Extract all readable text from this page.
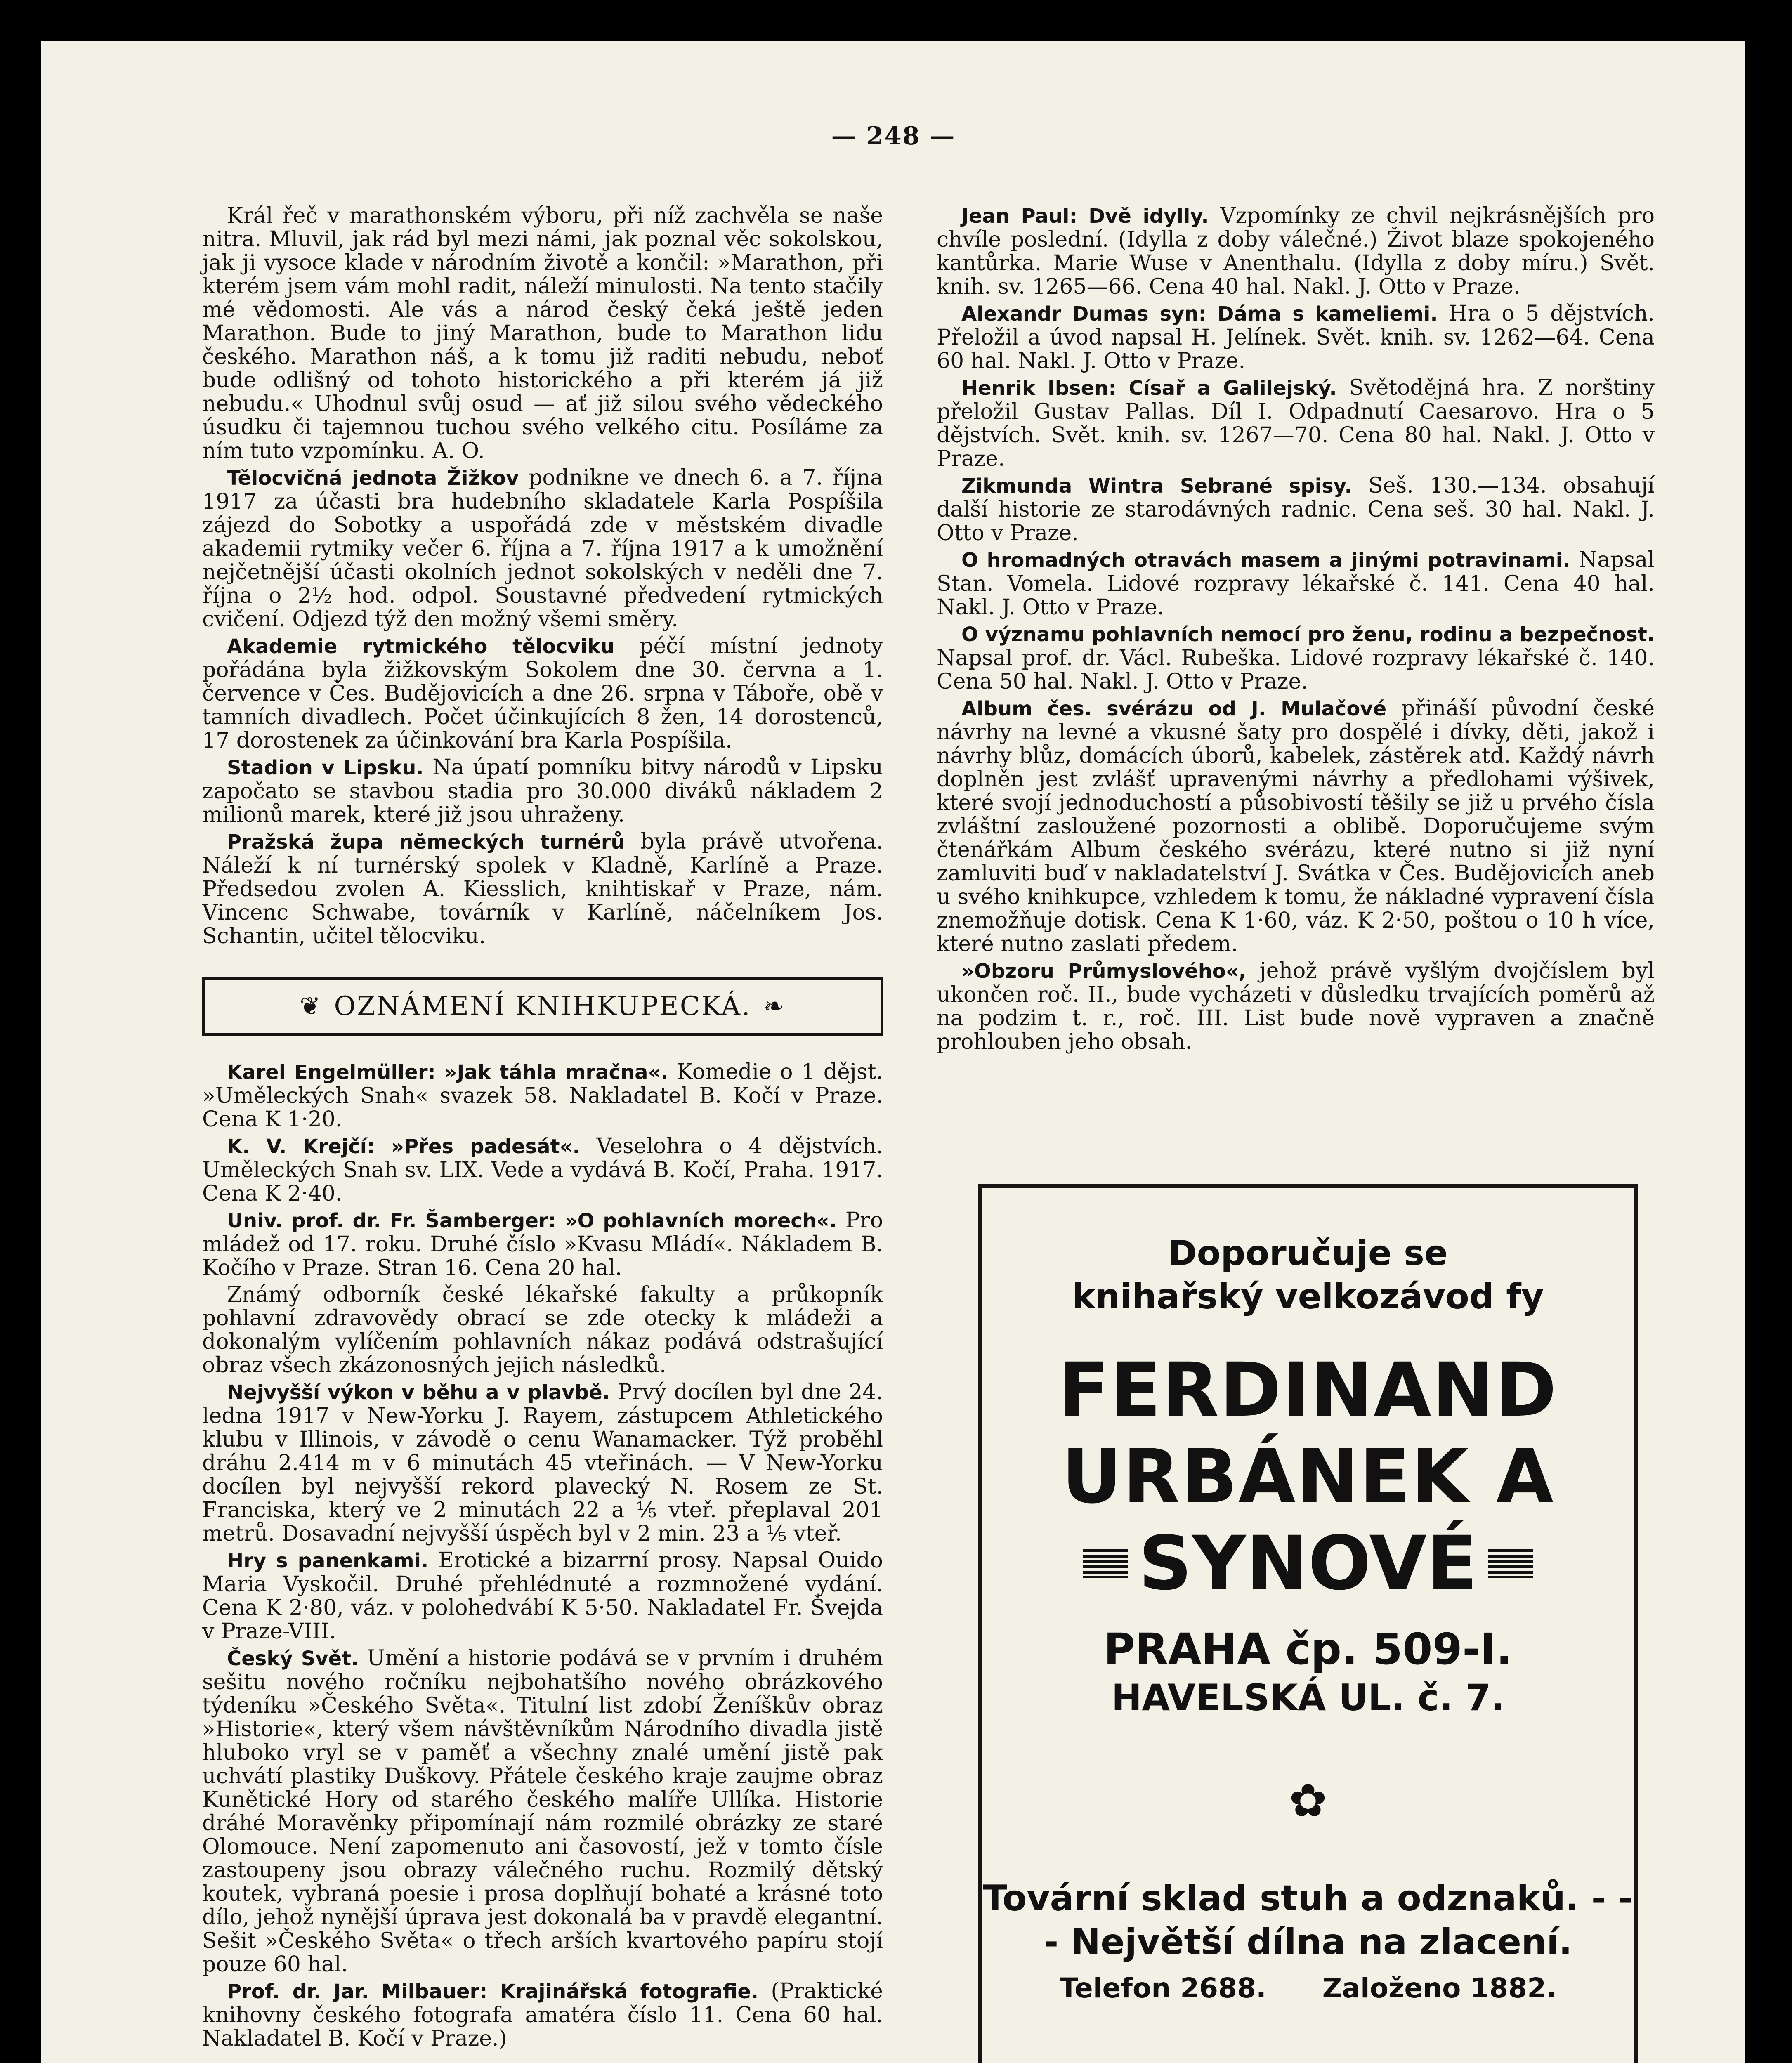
— 248 —

Král řeč v marathonském výboru, při níž zachvěla se naše nitra. Mluvil, jak rád byl mezi námi, jak poznal věc sokolskou, jak ji vysoce klade v národním životě a končil: »Marathon, při kterém jsem vám mohl radit, náleží minulosti. Na tento stačily mé vědomosti. Ale vás a národ český čeká ještě jeden Marathon. Bude to jiný Marathon, bude to Marathon lidu českého. Marathon náš, a k tomu již raditi nebudu, neboť bude odlišný od tohoto historického a při kterém já již nebudu.« Uhodnul svůj osud — ať již silou svého vědeckého úsudku či tajemnou tuchou svého velkého citu. Posíláme za ním tuto vzpomínku. A. O.

Tělocvičná jednota Žižkov podnikne ve dnech 6. a 7. října 1917 za účasti bra hudebního skladatele Karla Pospíšila zájezd do Sobotky a uspořádá zde v městském divadle akademii rytmiky večer 6. října a 7. října 1917 a k umožnění nejčetnější účasti okolních jednot sokolských v neděli dne 7. října o 2½ hod. odpol. Soustavné předvedení rytmických cvičení. Odjezd týž den možný všemi směry.

Akademie rytmického tělocviku péčí místní jednoty pořádána byla žižkovským Sokolem dne 30. června a 1. července v Čes. Budějovicích a dne 26. srpna v Táboře, obě v tamních divadlech. Počet účinkujících 8 žen, 14 dorostenců, 17 dorostenek za účinkování bra Karla Pospíšila.

Stadion v Lipsku. Na úpatí pomníku bitvy národů v Lipsku započato se stavbou stadia pro 30.000 diváků nákladem 2 milionů marek, které již jsou uhraženy.

Pražská župa německých turnérů byla právě utvořena. Náleží k ní turnérský spolek v Kladně, Karlíně a Praze. Předsedou zvolen A. Kiesslich, knihtiskař v Praze, nám. Vincenc Schwabe, továrník v Karlíně, náčelníkem Jos. Schantin, učitel tělocviku.

❦ OZNÁMENÍ KNIHKUPECKÁ. ❧

Karel Engelmüller: »Jak táhla mračna«. Komedie o 1 dějst. »Uměleckých Snah« svazek 58. Nakladatel B. Kočí v Praze. Cena K 1·20.

K. V. Krejčí: »Přes padesát«. Veselohra o 4 dějstvích. Uměleckých Snah sv. LIX. Vede a vydává B. Kočí, Praha. 1917. Cena K 2·40.

Univ. prof. dr. Fr. Šamberger: »O pohlavních morech«. Pro mládež od 17. roku. Druhé číslo »Kvasu Mládí«. Nákladem B. Kočího v Praze. Stran 16. Cena 20 hal.

Známý odborník české lékařské fakulty a průkopník pohlavní zdravovědy obrací se zde otecky k mládeži a dokonalým vylíčením pohlavních nákaz podává odstrašující obraz všech zkázonosných jejich následků.

Nejvyšší výkon v běhu a v plavbě. Prvý docílen byl dne 24. ledna 1917 v New-Yorku J. Rayem, zástupcem Athletického klubu v Illinois, v závodě o cenu Wanamacker. Týž proběhl dráhu 2.414 m v 6 minutách 45 vteřinách. — V New-Yorku docílen byl nejvyšší rekord plavecký N. Rosem ze St. Franciska, který ve 2 minutách 22 a ¹⁄₅ vteř. přeplaval 201 metrů. Dosavadní nejvyšší úspěch byl v 2 min. 23 a ¹⁄₅ vteř.

Hry s panenkami. Erotické a bizarrní prosy. Napsal Ouido Maria Vyskočil. Druhé přehlédnuté a rozmnožené vydání. Cena K 2·80, váz. v polohedvábí K 5·50. Nakladatel Fr. Švejda v Praze-VIII.

Český Svět. Umění a historie podává se v prvním i druhém sešitu nového ročníku nejbohatšího nového obrázkového týdeníku »Českého Světa«. Titulní list zdobí Ženíškův obraz »Historie«, který všem návštěvníkům Národního divadla jistě hluboko vryl se v paměť a všechny znalé umění jistě pak uchvátí plastiky Duškovy. Přátele českého kraje zaujme obraz Kunětické Hory od starého českého malíře Ullíka. Historie dráhé Moravěnky připomínají nám rozmilé obrázky ze staré Olomouce. Není zapomenuto ani časovostí, jež v tomto čísle zastoupeny jsou obrazy válečného ruchu. Rozmilý dětský koutek, vybraná poesie i prosa doplňují bohaté a krásné toto dílo, jehož nynější úprava jest dokonalá ba v pravdě elegantní. Sešit »Českého Světa« o třech arších kvartového papíru stojí pouze 60 hal.

Prof. dr. Jar. Milbauer: Krajinářská fotografie. (Praktické knihovny českého fotografa amatéra číslo 11. Cena 60 hal. Nakladatel B. Kočí v Praze.)

Jean Paul: Dvě idylly. Vzpomínky ze chvil nejkrásnějších pro chvíle poslední. (Idylla z doby válečné.) Život blaze spokojeného kantůrka. Marie Wuse v Anenthalu. (Idylla z doby míru.) Svět. knih. sv. 1265—66. Cena 40 hal. Nakl. J. Otto v Praze.

Alexandr Dumas syn: Dáma s kameliemi. Hra o 5 dějstvích. Přeložil a úvod napsal H. Jelínek. Svět. knih. sv. 1262—64. Cena 60 hal. Nakl. J. Otto v Praze.

Henrik Ibsen: Císař a Galilejský. Světodějná hra. Z norštiny přeložil Gustav Pallas. Díl I. Odpadnutí Caesarovo. Hra o 5 dějstvích. Svět. knih. sv. 1267—70. Cena 80 hal. Nakl. J. Otto v Praze.

Zikmunda Wintra Sebrané spisy. Seš. 130.—134. obsahují další historie ze starodávných radnic. Cena seš. 30 hal. Nakl. J. Otto v Praze.

O hromadných otravách masem a jinými potravinami. Napsal Stan. Vomela. Lidové rozpravy lékařské č. 141. Cena 40 hal. Nakl. J. Otto v Praze.

O významu pohlavních nemocí pro ženu, rodinu a bezpečnost. Napsal prof. dr. Václ. Rubeška. Lidové rozpravy lékařské č. 140. Cena 50 hal. Nakl. J. Otto v Praze.

Album čes. svérázu od J. Mulačové přináší původní české návrhy na levné a vkusné šaty pro dospělé i dívky, děti, jakož i návrhy blůz, domácích úborů, kabelek, zástěrek atd. Každý návrh doplněn jest zvlášť upravenými návrhy a předlohami výšivek, které svojí jednoduchostí a působivostí těšily se již u prvého čísla zvláštní zasloužené pozornosti a oblibě. Doporučujeme svým čtenářkám Album českého svérázu, které nutno si již nyní zamluviti buď v nakladatelství J. Svátka v Čes. Budějovicích aneb u svého knihkupce, vzhledem k tomu, že nákladné vypravení čísla znemožňuje dotisk. Cena K 1·60, váz. K 2·50, poštou o 10 h více, které nutno zaslati předem.

»Obzoru Průmyslového«, jehož právě vyšlým dvojčíslem byl ukončen roč. II., bude vycházeti v důsledku trvajících poměrů až na podzim t. r., roč. III. List bude nově vypraven a značně prohlouben jeho obsah.

Doporučuje se
knihařský velkozávod fy
FERDINAND
URBÁNEK A
SYNOVÉ
PRAHA čp. 509-I.
HAVELSKÁ UL. č. 7.
✿
Tovární sklad stuh a odznaků. - - - Největší dílna na zlacení.
Telefon 2688. Založeno 1882.
